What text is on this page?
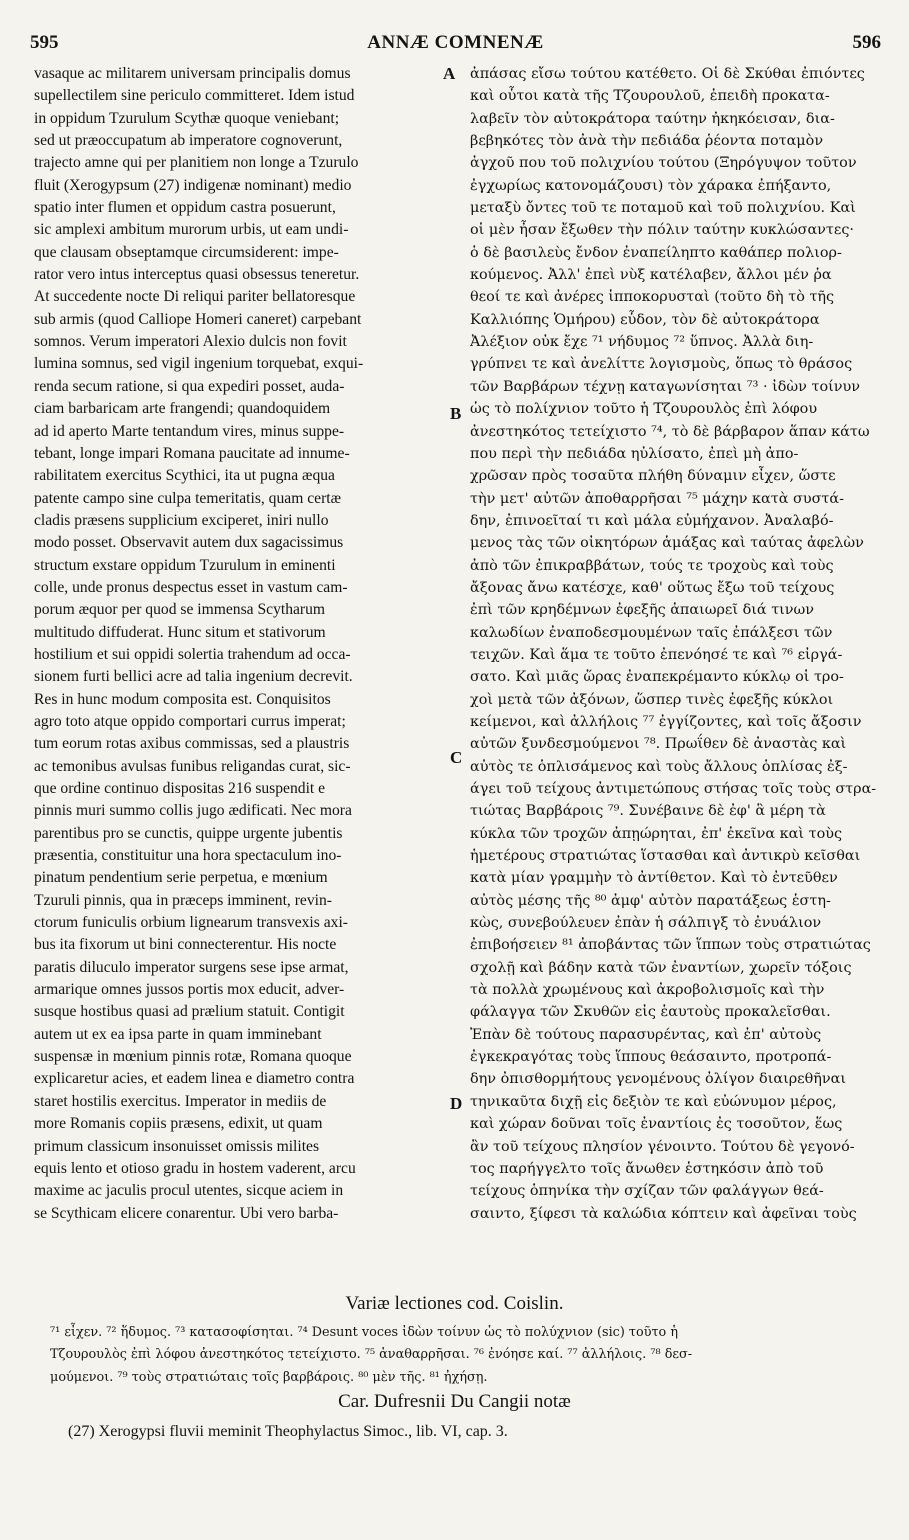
595	ANNÆ COMNENÆ	596
vasaque ac militarem universam principalis domus
supellectilem sine periculo committeret. Idem istud
in oppidum Tzurulum Scythæ quoque veniebant;
sed ut præoccupatum ab imperatore cognoverunt,
trajecto amne qui per planitiem non longe a Tzurulo
fluit (Xerogypsum (27) indigenæ nominant) medio
spatio inter flumen et oppidum castra posuerunt,
sic amplexi ambitum murorum urbis, ut eam undi-
que clausam obseptamque circumsiderent: impe-
rator vero intus interceptus quasi obsessus teneretur.
At succedente nocte Di reliqui pariter bellatoresque
sub armis (quod Calliope Homeri caneret) carpebant
somnos. Verum imperatori Alexio dulcis non fovit
lumina somnus, sed vigil ingenium torquebat, exqui-
renda secum ratione, si qua expediri posset, auda-
ciam barbaricam arte frangendi; quandoquidem
ad id aperto Marte tentandum vires, minus suppe-
tebant, longe impari Romana paucitate ad innume-
rabilitatem exercitus Scythici, ita ut pugna æqua
patente campo sine culpa temeritatis, quam certæ
cladis præsens supplicium exciperet, iniri nullo
modo posset. Observavit autem dux sagacissimus
structum exstare oppidum Tzurulum in eminenti
colle, unde pronus despectus esset in vastum cam-
porum æquor per quod se immensa Scytharum
multitudo diffuderat. Hunc situm et stativorum
hostilium et sui oppidi solertia trahendum ad occa-
sionem furti bellici acre ad talia ingenium decrevit.
Res in hunc modum composita est. Conquisitos
agro toto atque oppido comportari currus imperat;
tum eorum rotas axibus commissas, sed a plaustris
ac temonibus avulsas funibus religandas curat, sic-
que ordine continuo dispositas 216 suspendit e
pinnis muri summo collis jugo ædificati. Nec mora
parentibus pro se cunctis, quippe urgente jubentis
præsentia, constituitur una hora spectaculum ino-
pinatum pendentium serie perpetua, e mœnium
Tzuruli pinnis, qua in præceps imminent, revin-
ctorum funiculis orbium lignearum transvexis axi-
bus ita fixorum ut bini connecterentur. His nocte
paratis diluculo imperator surgens sese ipse armat,
armarique omnes jussos portis mox educit, adver-
susque hostibus quasi ad prælium statuit. Contigit
autem ut ex ea ipsa parte in quam imminebant
suspensæ in mœnium pinnis rotæ, Romana quoque
explicaretur acies, et eadem linea e diametro contra
staret hostilis exercitus. Imperator in mediis de
more Romanis copiis præsens, edixit, ut quam
primum classicum insonuisset omissis milites
equis lento et otioso gradu in hostem vaderent, arcu
maxime ac jaculis procul utentes, sicque aciem in
se Scythicam elicere conarentur. Ubi vero barba-
ἀπάσας εἴσω τούτου κατέθετο. Οἱ δὲ Σκύθαι ἐπιόντες
καὶ οὗτοι κατὰ τῆς Τζουρουλοῦ, ἐπειδὴ προκατα-
λαβεῖν τὸν αὐτοκράτορα ταύτην ἠκηκόεισαν, δια-
βεβηκότες τὸν ἀνὰ τὴν πεδιάδα ῥέοντα ποταμὸν
ἀγχοῦ που τοῦ πολιχνίου τούτου (Ξηρόγυψον τοῦτον
ἐγχωρίως κατονομάζουσι) τὸν χάρακα ἐπήξαντο,
μεταξὺ ὄντες τοῦ τε ποταμοῦ καὶ τοῦ πολιχνίου. Καὶ
οἱ μὲν ἦσαν ἔξωθεν τὴν πόλιν ταύτην κυκλώσαντες·
ὁ δὲ βασιλεὺς ἔνδον ἐναπείληπτο καθάπερ πολιορ-
κούμενος. Ἀλλ' ἐπεὶ νὺξ κατέλαβεν, ἄλλοι μέν ῥα
θεοί τε καὶ ἀνέρες ἱπποκορυσταὶ (τοῦτο δὴ τὸ τῆς
Καλλιόπης Ὁμήρου) εὗδον, τὸν δὲ αὐτοκράτορα
Ἀλέξιον οὐκ ἔχε ⁷¹ νήδυμος ⁷² ὕπνος. Ἀλλὰ διη-
γρύπνει τε καὶ ἀνελίττε λογισμοὺς, ὅπως τὸ θράσος
τῶν Βαρβάρων τέχνῃ καταγωνίσηται ⁷³ · ἰδὼν τοίνυν
ὡς τὸ πολίχνιον τοῦτο ἡ Τζουρουλὸς ἐπὶ λόφου
ἀνεστηκότος τετείχιστο ⁷⁴, τὸ δὲ βάρβαρον ἅπαν κάτω
που περὶ τὴν πεδιάδα ηὐλίσατο, ἐπεὶ μὴ ἀπο-
χρῶσαν πρὸς τοσαῦτα πλήθη δύναμιν εἶχεν, ὥστε
τὴν μετ' αὐτῶν ἀποθαρρῆσαι ⁷⁵ μάχην κατὰ συστά-
δην, ἐπινοεῖταί τι καὶ μάλα εὐμήχανον. Ἀναλαβό-
μενος τὰς τῶν οἰκητόρων ἁμάξας καὶ ταύτας ἀφελὼν
ἀπὸ τῶν ἐπικραββάτων, τούς τε τροχοὺς καὶ τοὺς
ἄξονας ἄνω κατέσχε, καθ' οὕτως ἔξω τοῦ τείχους
ἐπὶ τῶν κρηδέμνων ἐφεξῆς ἀπαιωρεῖ διά τινων
καλωδίων ἐναποδεσμουμένων ταῖς ἐπάλξεσι τῶν
τειχῶν. Καὶ ἅμα τε τοῦτο ἐπενόησέ τε καὶ ⁷⁶ εἰργά-
σατο. Καὶ μιᾶς ὥρας ἐναπεκρέμαντο κύκλῳ οἱ τρο-
χοὶ μετὰ τῶν ἀξόνων, ὥσπερ τινὲς ἐφεξῆς κύκλοι
κείμενοι, καὶ ἀλλήλοις ⁷⁷ ἐγγίζοντες, καὶ τοῖς ἄξοσιν
αὐτῶν ξυνδεσμούμενοι ⁷⁸. Πρωΐθεν δὲ ἀναστὰς καὶ
αὐτὸς τε ὁπλισάμενος καὶ τοὺς ἄλλους ὁπλίσας ἐξ-
άγει τοῦ τείχους ἀντιμετώπους στήσας τοῖς τοὺς στρα-
τιώτας Βαρβάροις ⁷⁹. Συνέβαινε δὲ ἐφ' ἃ μέρη τὰ
κύκλα τῶν τροχῶν ἀπῃώρηται, ἐπ' ἐκεῖνα καὶ τοὺς
ἡμετέρους στρατιώτας ἵστασθαι καὶ ἀντικρὺ κεῖσθαι
κατὰ μίαν γραμμὴν τὸ ἀντίθετον. Καὶ τὸ ἐντεῦθεν
αὐτὸς μέσης τῆς ⁸⁰ ἀμφ' αὐτὸν παρατάξεως ἑστη-
κὼς, συνεβούλευεν ἐπὰν ἡ σάλπιγξ τὸ ἐνυάλιον
ἐπιβοήσειεν ⁸¹ ἀποβάντας τῶν ἵππων τοὺς στρατιώτας
σχολῇ καὶ βάδην κατὰ τῶν ἐναντίων, χωρεῖν τόξοις
τὰ πολλὰ χρωμένους καὶ ἀκροβολισμοῖς καὶ τὴν
φάλαγγα τῶν Σκυθῶν εἰς ἑαυτοὺς προκαλεῖσθαι.
Ἐπὰν δὲ τούτους παρασυρέντας, καὶ ἐπ' αὐτοὺς
ἐγκεκραγότας τοὺς ἵππους θεάσαιντο, προτροπά-
δην ὀπισθορμήτους γενομένους ὀλίγον διαιρεθῆναι
τηνικαῦτα διχῇ εἰς δεξιὸν τε καὶ εὐώνυμον μέρος,
καὶ χώραν δοῦναι τοῖς ἐναντίοις ἐς τοσοῦτον, ἕως
ἂν τοῦ τείχους πλησίον γένοιντο. Τούτου δὲ γεγονό-
τος παρήγγελτο τοῖς ἄνωθεν ἑστηκόσιν ἀπὸ τοῦ
τείχους ὁπηνίκα τὴν σχίζαν τῶν φαλάγγων θεά-
σαιντο, ξίφεσι τὰ καλώδια κόπτειν καὶ ἀφεῖναι τοὺς
A
B
C
D
Variæ lectiones cod. Coislin.
⁷¹ εἶχεν. ⁷² ἥδυμος. ⁷³ κατασοφίσηται. ⁷⁴ Desunt voces ἰδὼν τοίνυν ὡς τὸ πολύχνιον (sic) τοῦτο ἡ
Τζουρουλὸς ἐπὶ λόφου ἀνεστηκότος τετείχιστο. ⁷⁵ ἀναθαρρῆσαι. ⁷⁶ ἐνόησε καί. ⁷⁷ ἀλλήλοις. ⁷⁸ δεσ-
μούμενοι. ⁷⁹ τοὺς στρατιώταις τοῖς βαρβάροις. ⁸⁰ μὲν τῆς. ⁸¹ ἠχήσῃ.
Car. Dufresnii Du Cangii notæ
(27) Xerogypsi fluvii meminit Theophylactus Simoc., lib. VI, cap. 3.
